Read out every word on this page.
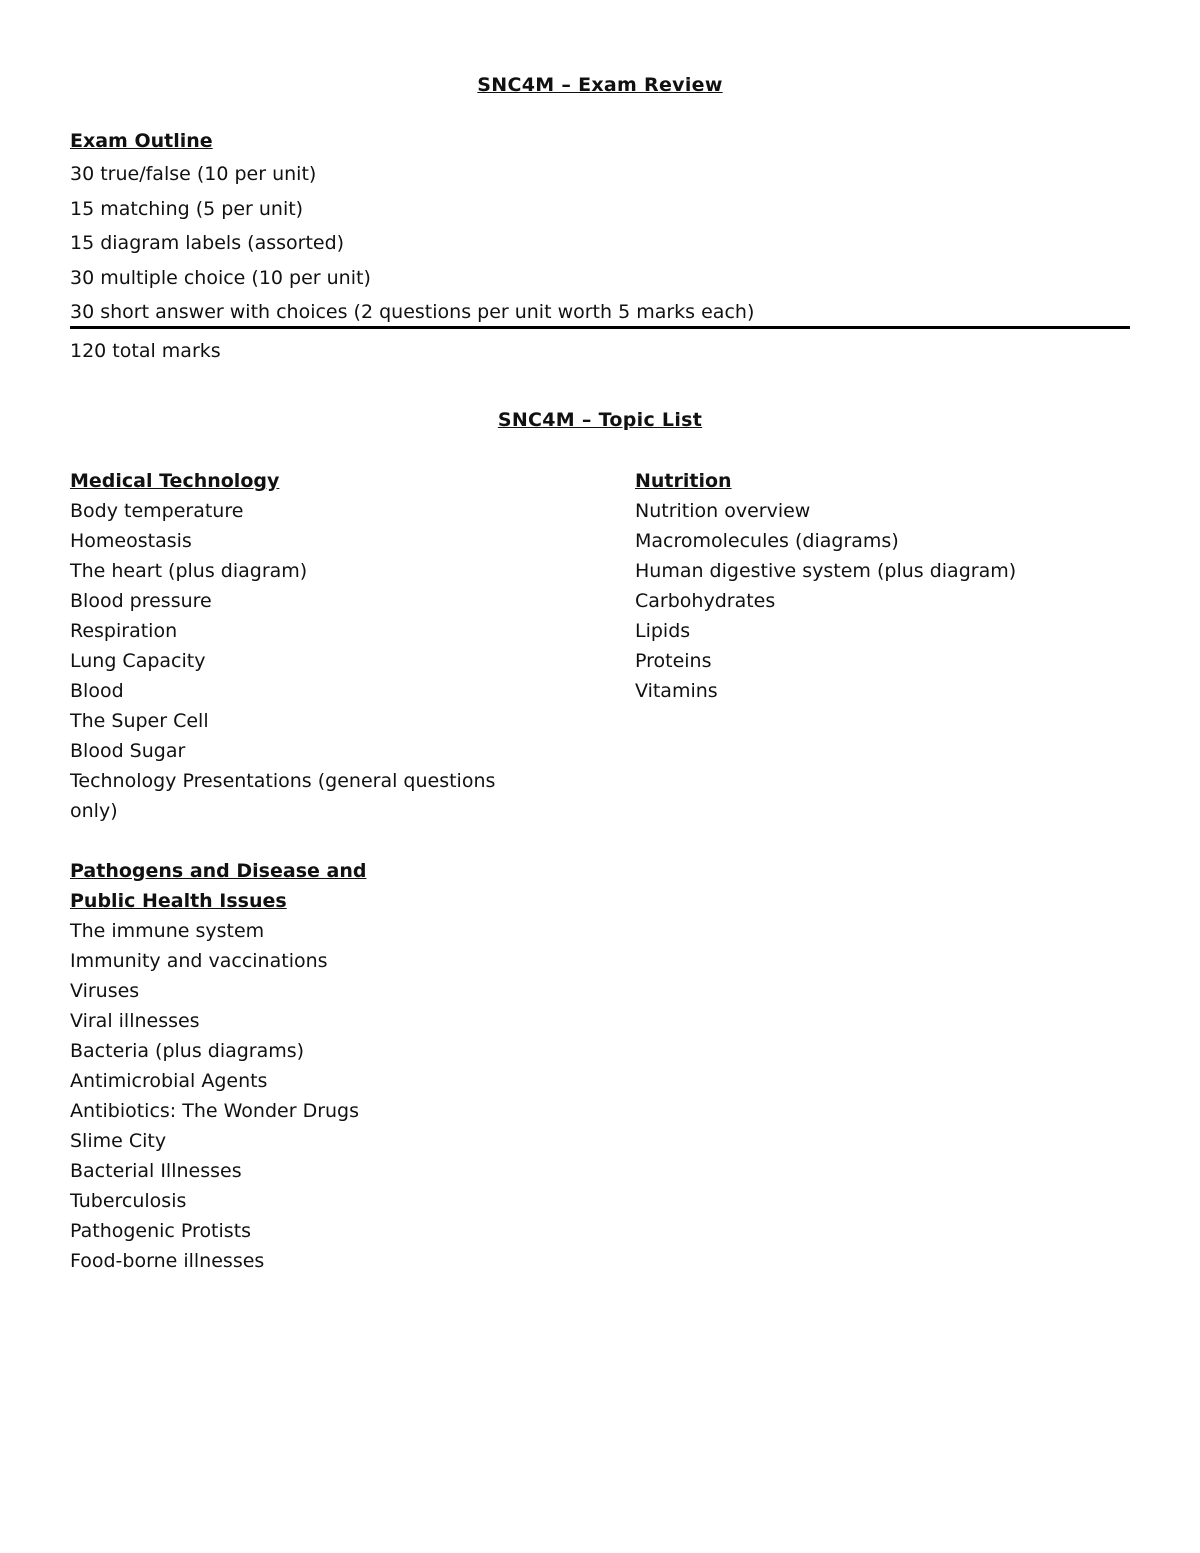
SNC4M – Exam Review
Exam Outline
30 true/false (10 per unit)
15 matching (5 per unit)
15 diagram labels (assorted)
30 multiple choice (10 per unit)
30 short answer with choices (2 questions per unit worth 5 marks each)
120 total marks
SNC4M – Topic List
Medical Technology
Body temperature
Homeostasis
The heart (plus diagram)
Blood pressure
Respiration
Lung Capacity
Blood
The Super Cell
Blood Sugar
Technology Presentations (general questions
only)
Nutrition
Nutrition overview
Macromolecules (diagrams)
Human digestive system (plus diagram)
Carbohydrates
Lipids
Proteins
Vitamins
Pathogens and Disease and
Public Health Issues
The immune system
Immunity and vaccinations
Viruses
Viral illnesses
Bacteria (plus diagrams)
Antimicrobial Agents
Antibiotics: The Wonder Drugs
Slime City
Bacterial Illnesses
Tuberculosis
Pathogenic Protists
Food-borne illnesses
